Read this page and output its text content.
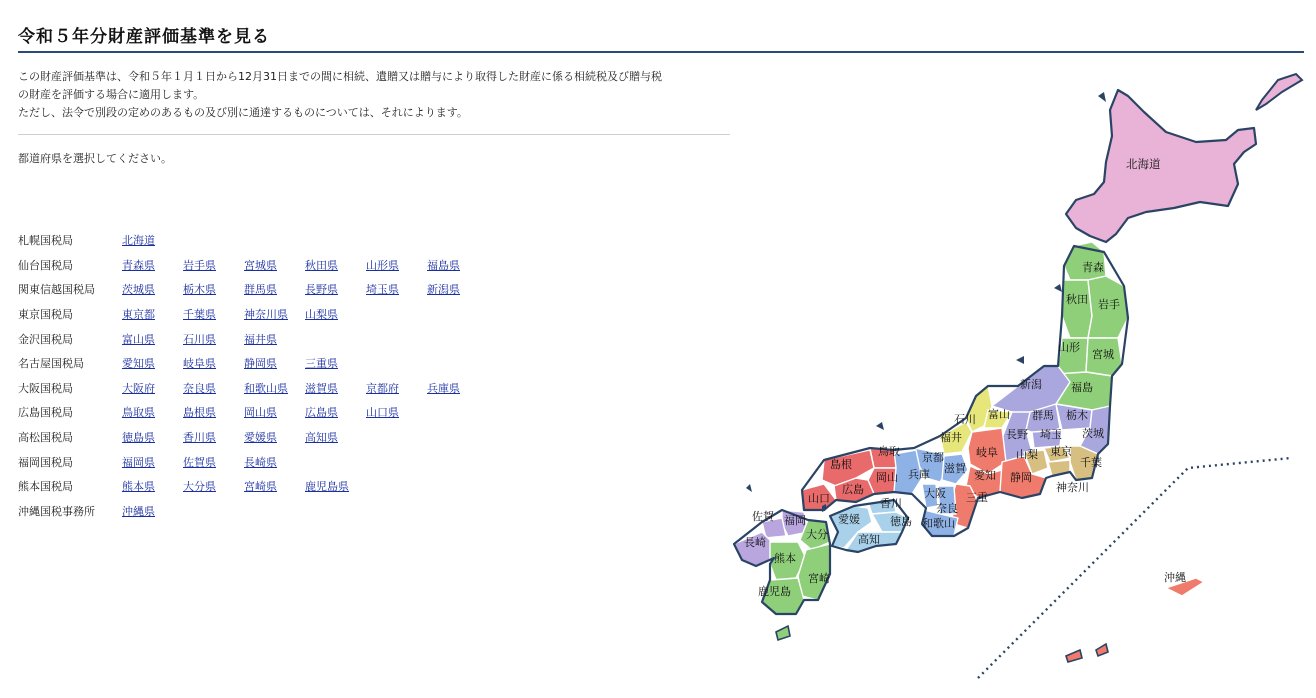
令和５年分財産評価基準を見る

この財産評価基準は、令和５年１月１日から12月31日までの間に相続、遺贈又は贈与により取得した財産に係る相続税及び贈与税

の財産を評価する場合に適用します。

ただし、法令で別段の定めのあるもの及び別に通達するものについては、それによります。

都道府県を選択してください。
札幌国税局	北海道					
仙台国税局	青森県	岩手県	宮城県	秋田県	山形県	福島県
関東信越国税局	茨城県	栃木県	群馬県	長野県	埼玉県	新潟県
東京国税局	東京都	千葉県	神奈川県	山梨県		
金沢国税局	富山県	石川県	福井県			
名古屋国税局	愛知県	岐阜県	静岡県	三重県		
大阪国税局	大阪府	奈良県	和歌山県	滋賀県	京都府	兵庫県
広島国税局	鳥取県	島根県	岡山県	広島県	山口県	
高松国税局	徳島県	香川県	愛媛県	高知県		
福岡国税局	福岡県	佐賀県	長崎県			
熊本国税局	熊本県	大分県	宮崎県	鹿児島県		
沖縄国税事務所	沖縄県					
北海道
青森
秋田 岩手
山形
宮城
新潟	福島
石川 富山 群馬 栃木
福井	長野 埼玉 茨城
鳥取	岐阜 山梨 東京
千葉
島根
京都
滋賀
愛知 静岡
岡山 兵庫
広島	神奈川
山口	大阪 三重
香川	奈良
佐賀 福岡	愛媛	徳島 和歌山
大分
長崎	高知
熊本
宮崎
鹿児島
沖縄
